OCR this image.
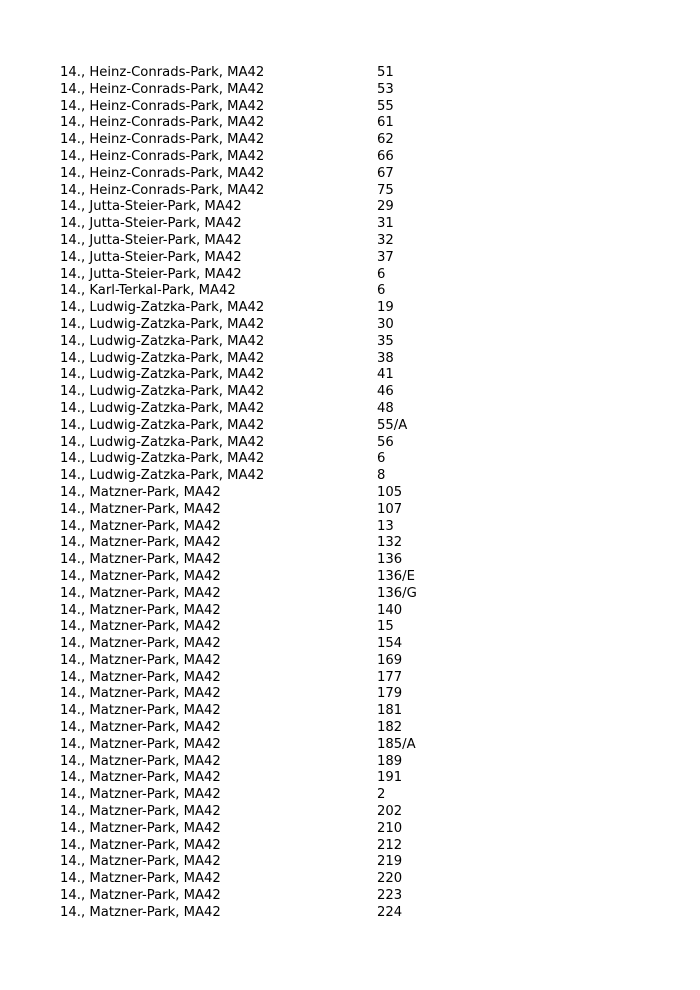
14., Heinz-Conrads-Park, MA42	51
14., Heinz-Conrads-Park, MA42	53
14., Heinz-Conrads-Park, MA42	55
14., Heinz-Conrads-Park, MA42	61
14., Heinz-Conrads-Park, MA42	62
14., Heinz-Conrads-Park, MA42	66
14., Heinz-Conrads-Park, MA42	67
14., Heinz-Conrads-Park, MA42	75
14., Jutta-Steier-Park, MA42	29
14., Jutta-Steier-Park, MA42	31
14., Jutta-Steier-Park, MA42	32
14., Jutta-Steier-Park, MA42	37
14., Jutta-Steier-Park, MA42	6
14., Karl-Terkal-Park, MA42	6
14., Ludwig-Zatzka-Park, MA42	19
14., Ludwig-Zatzka-Park, MA42	30
14., Ludwig-Zatzka-Park, MA42	35
14., Ludwig-Zatzka-Park, MA42	38
14., Ludwig-Zatzka-Park, MA42	41
14., Ludwig-Zatzka-Park, MA42	46
14., Ludwig-Zatzka-Park, MA42	48
14., Ludwig-Zatzka-Park, MA42	55/A
14., Ludwig-Zatzka-Park, MA42	56
14., Ludwig-Zatzka-Park, MA42	6
14., Ludwig-Zatzka-Park, MA42	8
14., Matzner-Park, MA42	105
14., Matzner-Park, MA42	107
14., Matzner-Park, MA42	13
14., Matzner-Park, MA42	132
14., Matzner-Park, MA42	136
14., Matzner-Park, MA42	136/E
14., Matzner-Park, MA42	136/G
14., Matzner-Park, MA42	140
14., Matzner-Park, MA42	15
14., Matzner-Park, MA42	154
14., Matzner-Park, MA42	169
14., Matzner-Park, MA42	177
14., Matzner-Park, MA42	179
14., Matzner-Park, MA42	181
14., Matzner-Park, MA42	182
14., Matzner-Park, MA42	185/A
14., Matzner-Park, MA42	189
14., Matzner-Park, MA42	191
14., Matzner-Park, MA42	2
14., Matzner-Park, MA42	202
14., Matzner-Park, MA42	210
14., Matzner-Park, MA42	212
14., Matzner-Park, MA42	219
14., Matzner-Park, MA42	220
14., Matzner-Park, MA42	223
14., Matzner-Park, MA42	224
